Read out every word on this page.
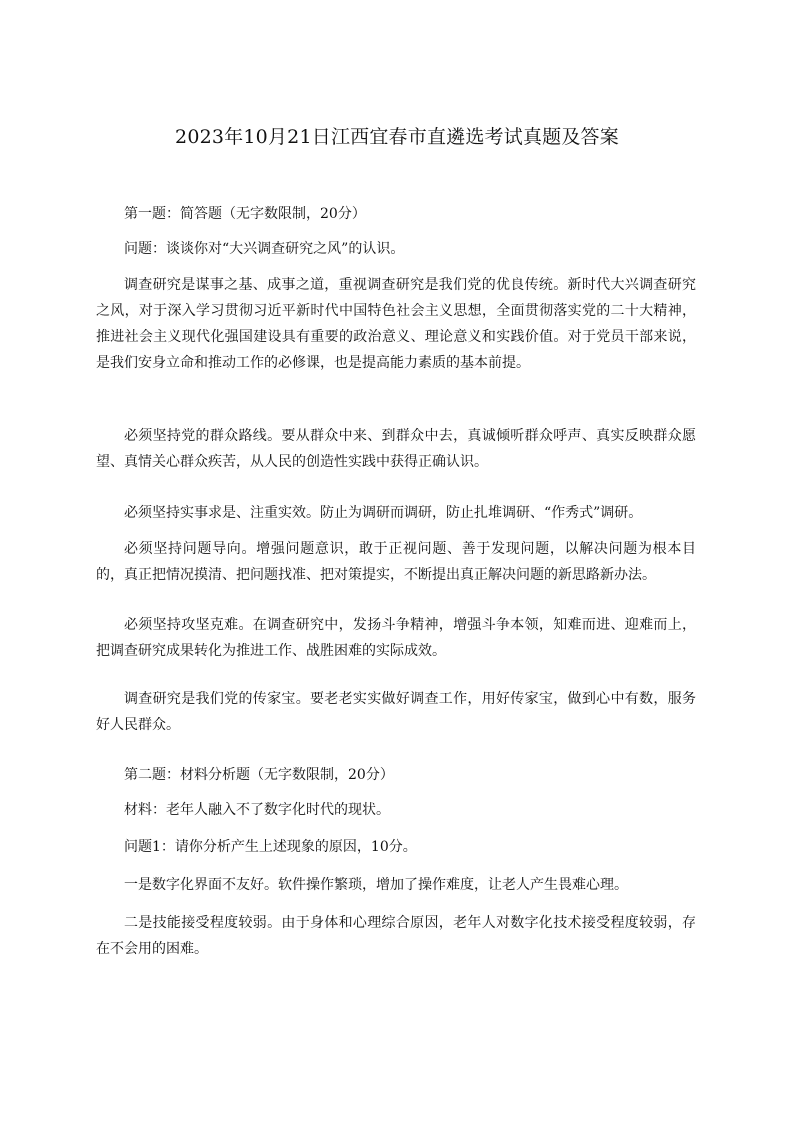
2023年10月21日江西宜春市直遴选考试真题及答案

第一题：简答题（无字数限制，20分）

问题：谈谈你对“大兴调查研究之风”的认识。

调查研究是谋事之基、成事之道，重视调查研究是我们党的优良传统。新时代大兴调查研究之风，对于深入学习贯彻习近平新时代中国特色社会主义思想，全面贯彻落实党的二十大精神，推进社会主义现代化强国建设具有重要的政治意义、理论意义和实践价值。对于党员干部来说，是我们安身立命和推动工作的必修课，也是提高能力素质的基本前提。

必须坚持党的群众路线。要从群众中来、到群众中去，真诚倾听群众呼声、真实反映群众愿望、真情关心群众疾苦，从人民的创造性实践中获得正确认识。

必须坚持实事求是、注重实效。防止为调研而调研，防止扎堆调研、“作秀式”调研。

必须坚持问题导向。增强问题意识，敢于正视问题、善于发现问题，以解决问题为根本目的，真正把情况摸清、把问题找准、把对策提实，不断提出真正解决问题的新思路新办法。

必须坚持攻坚克难。在调查研究中，发扬斗争精神，增强斗争本领，知难而进、迎难而上，把调查研究成果转化为推进工作、战胜困难的实际成效。

调查研究是我们党的传家宝。要老老实实做好调查工作，用好传家宝，做到心中有数，服务好人民群众。

第二题：材料分析题（无字数限制，20分）

材料：老年人融入不了数字化时代的现状。

问题1：请你分析产生上述现象的原因，10分。

一是数字化界面不友好。软件操作繁琐，增加了操作难度，让老人产生畏难心理。

二是技能接受程度较弱。由于身体和心理综合原因，老年人对数字化技术接受程度较弱，存在不会用的困难。
